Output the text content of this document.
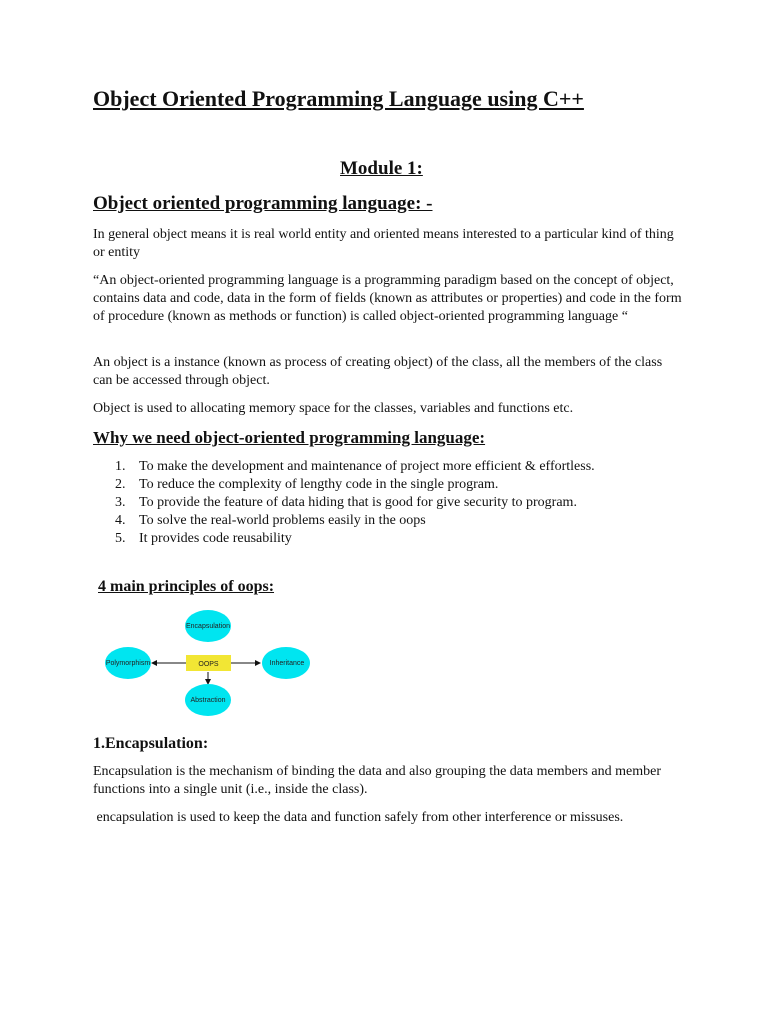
Object Oriented Programming Language using C++
Module 1:
Object oriented programming language: -

In general object means it is real world entity and oriented means interested to a particular kind of thing or entity

“An object-oriented programming language is a programming paradigm based on the concept of object, contains data and code, data in the form of fields (known as attributes or properties) and code in the form of procedure (known as methods or function) is called object-oriented programming language “

An object is a instance (known as process of creating object) of the class, all the members of the class can be accessed through object.

Object is used to allocating memory space for the classes, variables and functions etc.

Why we need object-oriented programming language:
1. To make the development and maintenance of project more efficient & effortless.
2. To reduce the complexity of lengthy code in the single program.
3. To provide the feature of data hiding that is good for give security to program.
4. To solve the real-world problems easily in the oops
5. It provides code reusability
4 main principles of oops:
Encapsulation
Polymorphism	Inheritance
Abstraction
OOPS
1.Encapsulation:

Encapsulation is the mechanism of binding the data and also grouping the data members and member functions into a single unit (i.e., inside the class).

encapsulation is used to keep the data and function safely from other interference or missuses.
